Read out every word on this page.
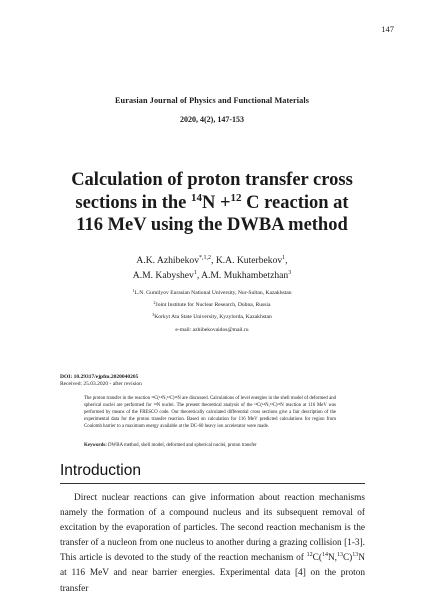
147
Eurasian Journal of Physics and Functional Materials
2020, 4(2), 147-153
Calculation of proton transfer cross
sections in the $^{14}$N +$^{12}$ C reaction at
116 MeV using the DWBA method
A.K. Azhibekov$^{*,1,2}$, K.A. Kuterbekov$^1$,
A.M. Kabyshev$^1$, A.M. Mukhambetzhan$^3$
$^1$L.N. Gumilyov Eurasian National University, Nur-Sultan, Kazakhstan
$^2$Joint Institute for Nuclear Research, Dubna, Russia
$^3$Korkyt Ata State University, Kyzylorda, Kazakhstan
e-mail: azhibekovaidos@mail.ru
DOI: 10.29317/ejpfm.2020040205
Received: 25.03.2020 - after revision
The proton transfer in the reaction ¹²C(¹⁴N,¹³C)¹³N are discussed. Calculations of level energies in the shell model of deformed and spherical nuclei are performed for ¹⁴N nuclei. The present theoretical analysis of the ¹²C(¹⁴N,¹³C)¹³N reaction at 116 MeV was performed by means of the FRESCO code. Our theoretically calculated differential cross sections give a fair description of the experimental data for the proton transfer reaction. Based on calculation for 116 MeV predicted calculations for region from Coulomb barrier to a maximum energy available at the DC-60 heavy ion accelerator were made.
Keywords: DWBA method, shell model, deformed and spherical nuclei, proton transfer
Introduction
Direct nuclear reactions can give information about reaction mechanisms namely the formation of a compound nucleus and its subsequent removal of excitation by the evaporation of particles. The second reaction mechanism is the transfer of a nucleon from one nucleus to another during a grazing collision [1-3]. This article is devoted to the study of the reaction mechanism of $^{12}C(^{14}N,^{13}C)^{13}N$ at 116 MeV and near barrier energies. Experimental data [4] on the proton transfer
